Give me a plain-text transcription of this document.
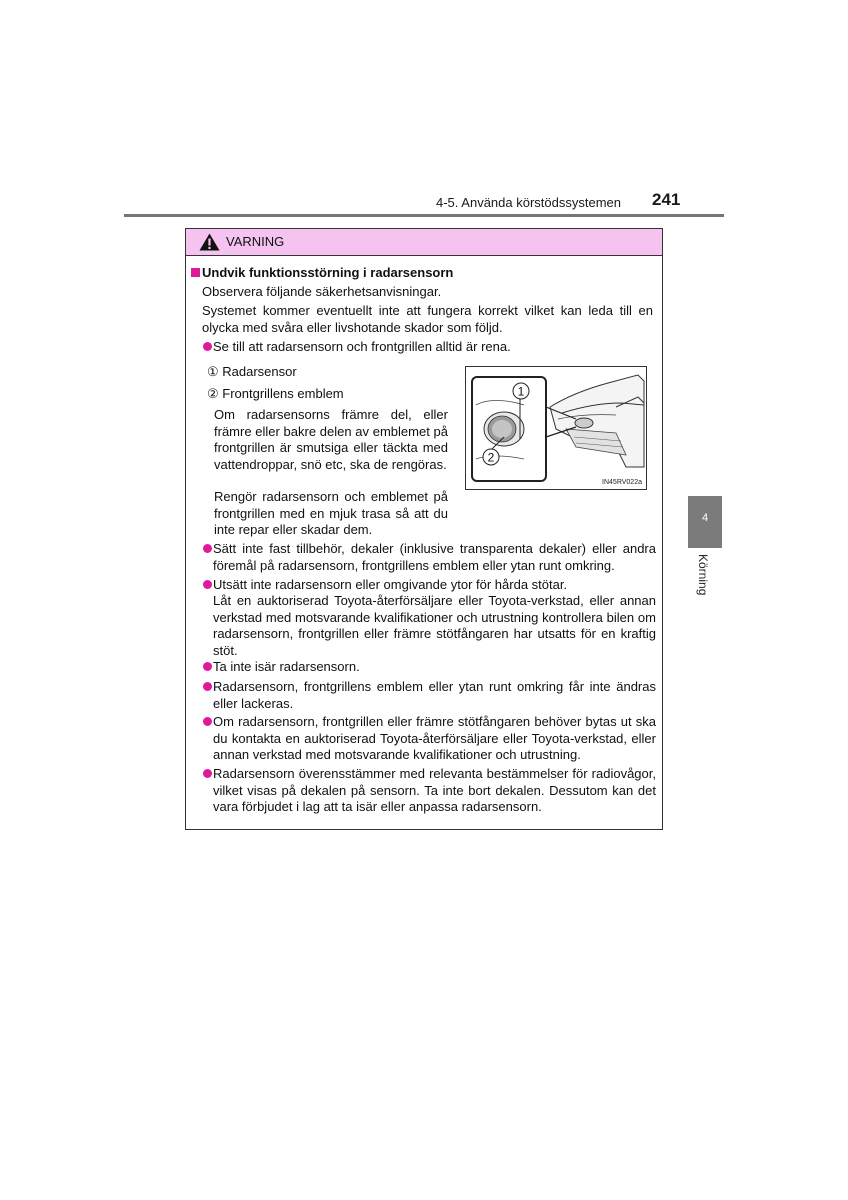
4-5. Använda körstödssystemen 241
4
Körning
VARNING
Undvik funktionsstörning i radarsensorn
Observera följande säkerhetsanvisningar.
Systemet kommer eventuellt inte att fungera korrekt vilket kan leda till en olycka med svåra eller livshotande skador som följd.
Se till att radarsensorn och frontgrillen alltid är rena.
① Radarsensor
② Frontgrillens emblem
Om radarsensorns främre del, eller främre eller bakre delen av emblemet på frontgrillen är smutsiga eller täckta med vattendroppar, snö etc, ska de rengöras.
Rengör radarsensorn och emblemet på frontgrillen med en mjuk trasa så att du inte repar eller skadar dem.
1
2
IN45RV022a
Sätt inte fast tillbehör, dekaler (inklusive transparenta dekaler) eller andra föremål på radarsensorn, frontgrillens emblem eller ytan runt omkring.
Utsätt inte radarsensorn eller omgivande ytor för hårda stötar.
Låt en auktoriserad Toyota-återförsäljare eller Toyota-verkstad, eller annan verkstad med motsvarande kvalifikationer och utrustning kontrollera bilen om radarsensorn, frontgrillen eller främre stötfångaren har utsatts för en kraftig stöt.
Ta inte isär radarsensorn.
Radarsensorn, frontgrillens emblem eller ytan runt omkring får inte ändras eller lackeras.
Om radarsensorn, frontgrillen eller främre stötfångaren behöver bytas ut ska du kontakta en auktoriserad Toyota-återförsäljare eller Toyota-verkstad, eller annan verkstad med motsvarande kvalifikationer och utrustning.
Radarsensorn överensstämmer med relevanta bestämmelser för radiovågor, vilket visas på dekalen på sensorn. Ta inte bort dekalen. Dessutom kan det vara förbjudet i lag att ta isär eller anpassa radarsensorn.
